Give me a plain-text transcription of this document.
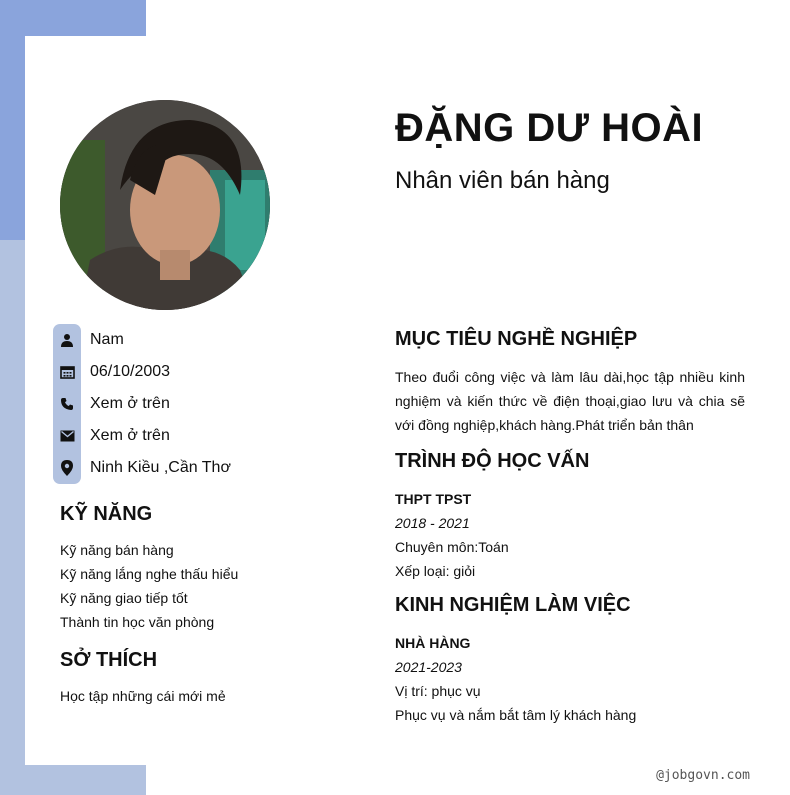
ĐẶNG DƯ HOÀI
Nhân viên bán hàng
Nam
06/10/2003
Xem ở trên
Xem ở trên
Ninh Kiều ,Cần Thơ
KỸ NĂNG
Kỹ năng bán hàng
Kỹ năng lắng nghe thấu hiểu
Kỹ năng giao tiếp tốt
Thành tin học văn phòng
SỞ THÍCH
Học tập những cái mới mẻ
MỤC TIÊU NGHỀ NGHIỆP

Theo đuổi công việc và làm lâu dài,học tập nhiều kinh nghiệm và kiến thức về điện thoại,giao lưu và chia sẽ với đồng nghiệp,khách hàng.Phát triển bản thân

TRÌNH ĐỘ HỌC VẤN

THPT TPST

2018 - 2021

Chuyên môn:Toán

Xếp loại: giỏi

KINH NGHIỆM LÀM VIỆC

NHÀ HÀNG

2021-2023

Vị trí: phục vụ

Phục vụ và nắm bắt tâm lý khách hàng

@jobgovn.com
